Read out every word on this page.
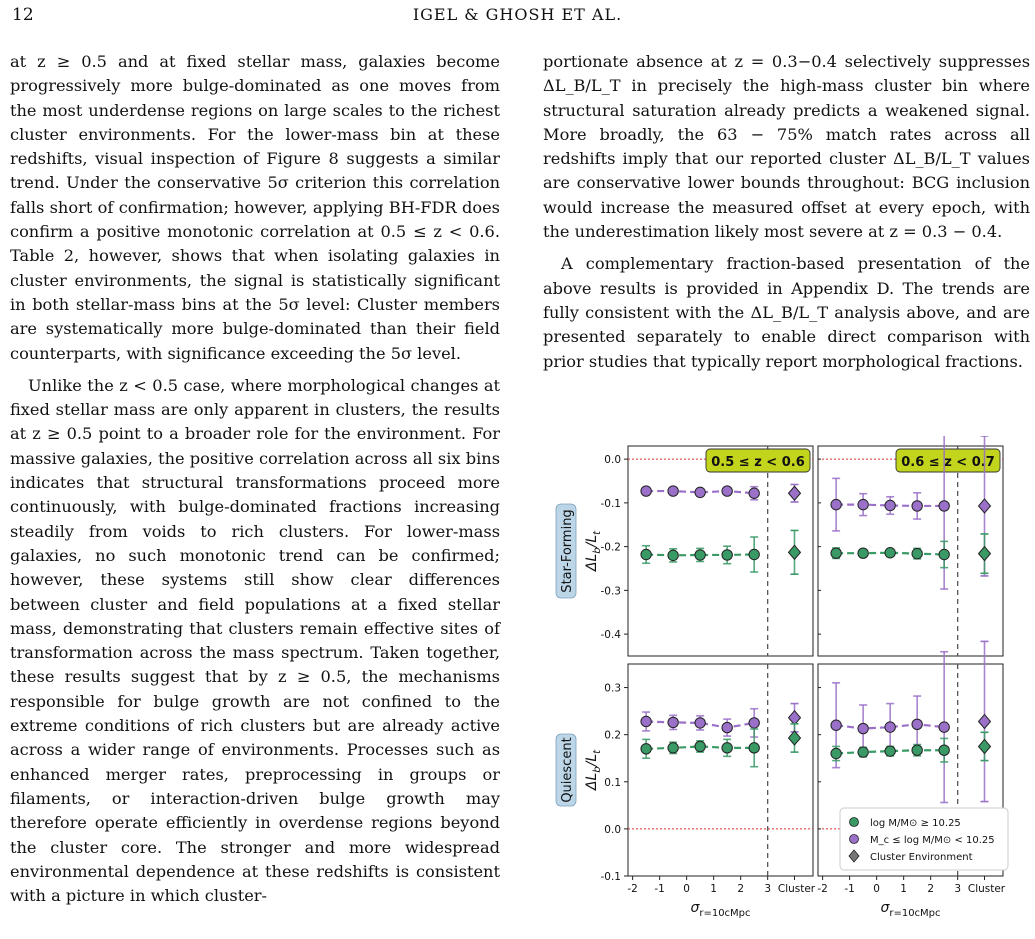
12	IGEL & GHOSH ET AL.

at z ≥ 0.5 and at fixed stellar mass, galaxies become progressively more bulge-dominated as one moves from the most underdense regions on large scales to the richest cluster environments. For the lower-mass bin at these redshifts, visual inspection of Figure 8 suggests a similar trend. Under the conservative 5σ criterion this correlation falls short of confirmation; however, applying BH-FDR does confirm a positive monotonic correlation at 0.5 ≤ z < 0.6. Table 2, however, shows that when isolating galaxies in cluster environments, the signal is statistically significant in both stellar-mass bins at the 5σ level: Cluster members are systematically more bulge-dominated than their field counterparts, with significance exceeding the 5σ level.

Unlike the z < 0.5 case, where morphological changes at fixed stellar mass are only apparent in clusters, the results at z ≥ 0.5 point to a broader role for the environment. For massive galaxies, the positive correlation across all six bins indicates that structural transformations proceed more continuously, with bulge-dominated fractions increasing steadily from voids to rich clusters. For lower-mass galaxies, no such monotonic trend can be confirmed; however, these systems still show clear differences between cluster and field populations at a fixed stellar mass, demonstrating that clusters remain effective sites of transformation across the mass spectrum. Taken together, these results suggest that by z ≥ 0.5, the mechanisms responsible for bulge growth are not confined to the extreme conditions of rich clusters but are already active across a wider range of environments. Processes such as enhanced merger rates, preprocessing in groups or filaments, or interaction-driven bulge growth may therefore operate efficiently in overdense regions beyond the cluster core. The stronger and more widespread environmental dependence at these redshifts is consistent with a picture in which cluster-

portionate absence at z = 0.3−0.4 selectively suppresses ΔL_B/L_T in precisely the high-mass cluster bin where structural saturation already predicts a weakened signal. More broadly, the 63 − 75% match rates across all redshifts imply that our reported cluster ΔL_B/L_T values are conservative lower bounds throughout: BCG inclusion would increase the measured offset at every epoch, with the underestimation likely most severe at z = 0.3 − 0.4.

A complementary fraction-based presentation of the above results is provided in Appendix D. The trends are fully consistent with the ΔL_B/L_T analysis above, and are presented separately to enable direct comparison with prior studies that typically report morphological fractions.

0.0
-0.1
-0.2
-0.3
-0.4
0.3
0.2
0.1
0.0
-0.1
-2 -1 0 1 2 3 Cluster
$\sigma_{r=10cMpc}$
-2 -1 0 1 2 3 Cluster
$\sigma_{r=10cMpc}$
Star-Forming $\Delta L_b/L_t$
Quiescent $\Delta L_b/L_t$
0.5 ≤ z < 0.6	0.6 ≤ z < 0.7
log M/M⊙ ≥ 10.25
M_c ≤ log M/M⊙ < 10.25
Cluster Environment
